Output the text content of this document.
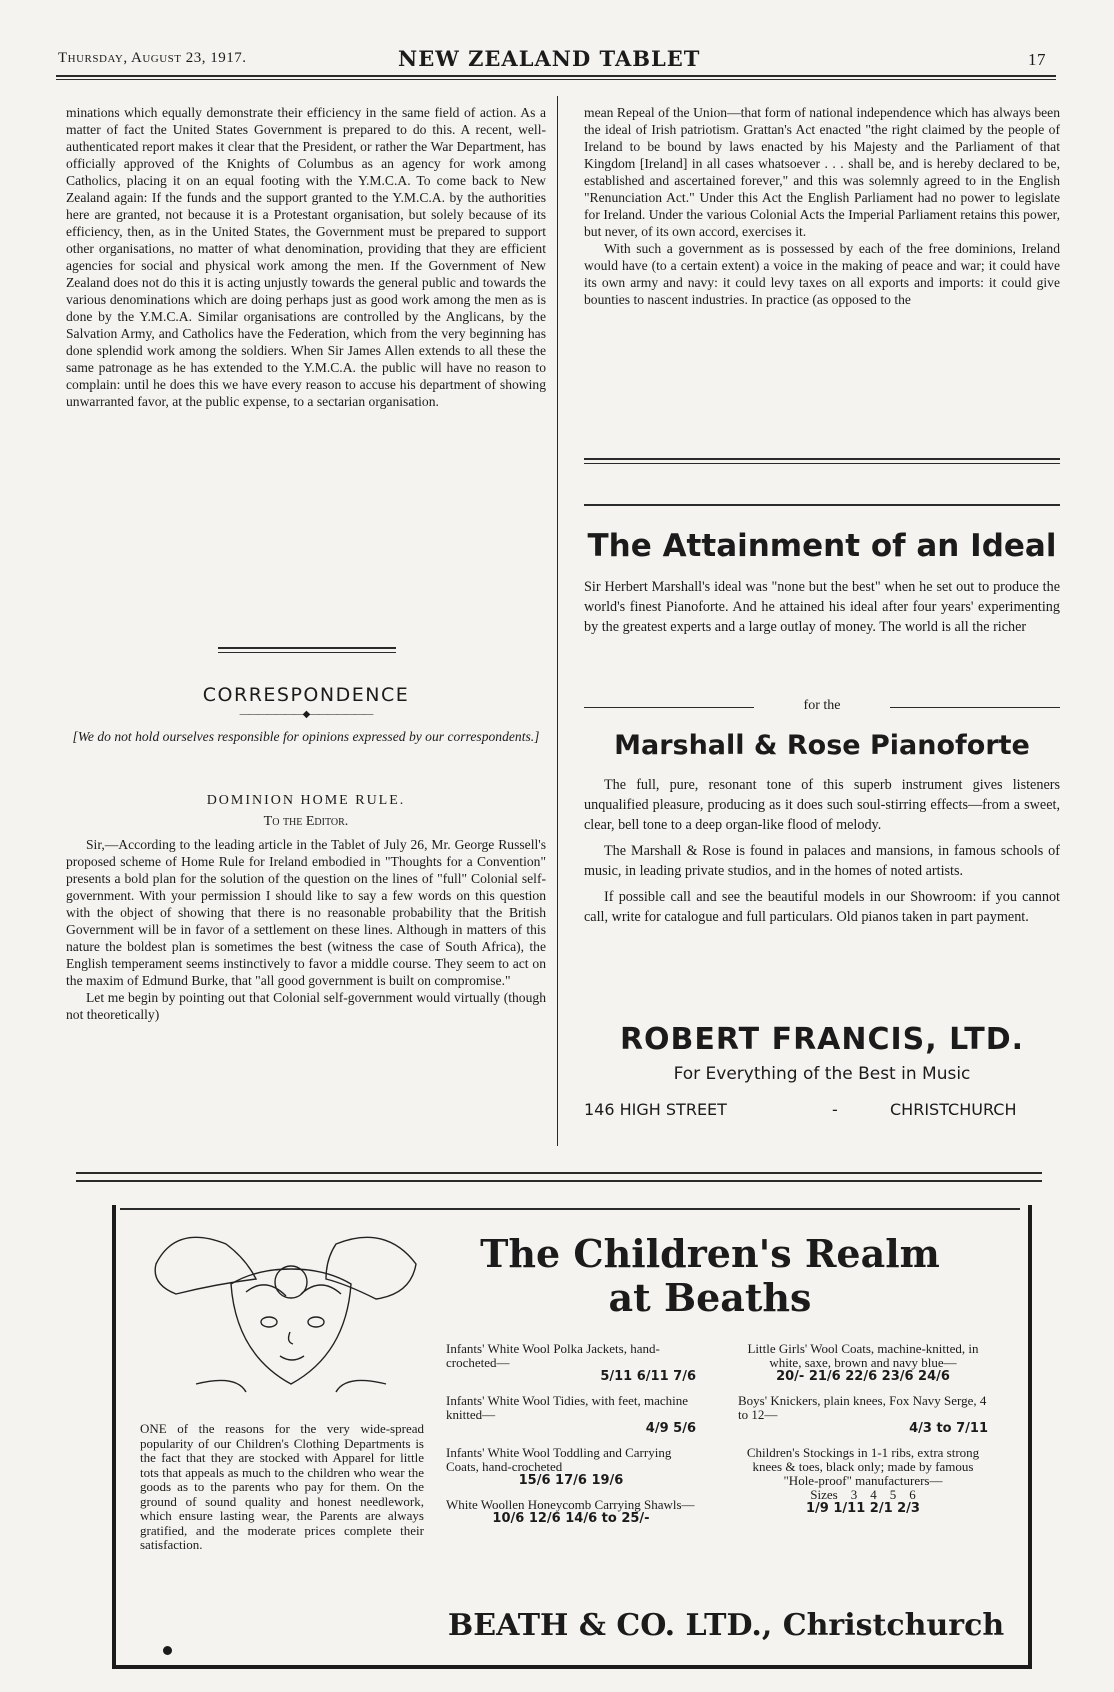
Thursday, August 23, 1917.	NEW ZEALAND TABLET	17

minations which equally demonstrate their efficiency in the same field of action. As a matter of fact the United States Government is prepared to do this. A recent, well-authenticated report makes it clear that the President, or rather the War Department, has officially approved of the Knights of Columbus as an agency for work among Catholics, placing it on an equal footing with the Y.M.C.A. To come back to New Zealand again: If the funds and the support granted to the Y.M.C.A. by the authorities here are granted, not because it is a Protestant organisation, but solely because of its efficiency, then, as in the United States, the Government must be prepared to support other organisations, no matter of what denomination, providing that they are efficient agencies for social and physical work among the men. If the Government of New Zealand does not do this it is acting unjustly towards the general public and towards the various denominations which are doing perhaps just as good work among the men as is done by the Y.M.C.A. Similar organisations are controlled by the Anglicans, by the Salvation Army, and Catholics have the Federation, which from the very beginning has done splendid work among the soldiers. When Sir James Allen extends to all these the same patronage as he has extended to the Y.M.C.A. the public will have no reason to complain: until he does this we have every reason to accuse his department of showing unwarranted favor, at the public expense, to a sectarian organisation.

CORRESPONDENCE
———————◆———————
[We do not hold ourselves responsible for opinions expressed by our correspondents.]
DOMINION HOME RULE.
To the Editor.

Sir,—According to the leading article in the Tablet of July 26, Mr. George Russell's proposed scheme of Home Rule for Ireland embodied in "Thoughts for a Convention" presents a bold plan for the solution of the question on the lines of "full" Colonial self-government. With your permission I should like to say a few words on this question with the object of showing that there is no reasonable probability that the British Government will be in favor of a settlement on these lines. Although in matters of this nature the boldest plan is sometimes the best (witness the case of South Africa), the English temperament seems instinctively to favor a middle course. They seem to act on the maxim of Edmund Burke, that "all good government is built on compromise."

Let me begin by pointing out that Colonial self-government would virtually (though not theoretically)

mean Repeal of the Union—that form of national independence which has always been the ideal of Irish patriotism. Grattan's Act enacted "the right claimed by the people of Ireland to be bound by laws enacted by his Majesty and the Parliament of that Kingdom [Ireland] in all cases whatsoever . . . shall be, and is hereby declared to be, established and ascertained forever," and this was solemnly agreed to in the English "Renunciation Act." Under this Act the English Parliament had no power to legislate for Ireland. Under the various Colonial Acts the Imperial Parliament retains this power, but never, of its own accord, exercises it.

With such a government as is possessed by each of the free dominions, Ireland would have (to a certain extent) a voice in the making of peace and war; it could have its own army and navy: it could levy taxes on all exports and imports: it could give bounties to nascent industries. In practice (as opposed to the

The Attainment of an Ideal

Sir Herbert Marshall's ideal was "none but the best" when he set out to produce the world's finest Pianoforte. And he attained his ideal after four years' experimenting by the greatest experts and a large outlay of money. The world is all the richer

for the
Marshall & Rose Pianoforte

The full, pure, resonant tone of this superb instrument gives listeners unqualified pleasure, producing as it does such soul-stirring effects—from a sweet, clear, bell tone to a deep organ-like flood of melody.

The Marshall & Rose is found in palaces and mansions, in famous schools of music, in leading private studios, and in the homes of noted artists.

If possible call and see the beautiful models in our Showroom: if you cannot call, write for catalogue and full particulars. Old pianos taken in part payment.

ROBERT FRANCIS, LTD.
For Everything of the Best in Music
146 HIGH STREET	-	CHRISTCHURCH
The Children's Realm
at Beaths
ONE of the reasons for the very wide-spread popularity of our Children's Clothing Departments is the fact that they are stocked with Apparel for little tots that appeals as much to the children who wear the goods as to the parents who pay for them. On the ground of sound quality and honest needlework, which ensure lasting wear, the Parents are always gratified, and the moderate prices complete their satisfaction.

Infants' White Wool Polka Jackets, hand-crocheted—

5/11 6/11 7/6

Infants' White Wool Tidies, with feet, machine knitted—

4/9 5/6

Infants' White Wool Toddling and Carrying Coats, hand-crocheted

15/6 17/6 19/6

White Woollen Honeycomb Carrying Shawls—

10/6 12/6 14/6 to 25/-

Little Girls' Wool Coats, machine-knitted, in white, saxe, brown and navy blue—

20/- 21/6 22/6 23/6 24/6

Boys' Knickers, plain knees, Fox Navy Serge, 4 to 12—

4/3 to 7/11

Children's Stockings in 1-1 ribs, extra strong knees & toes, black only; made by famous "Hole-proof" manufacturers—

Sizes    3    4    5    6

1/9 1/11 2/1 2/3

BEATH & CO. LTD., Christchurch
